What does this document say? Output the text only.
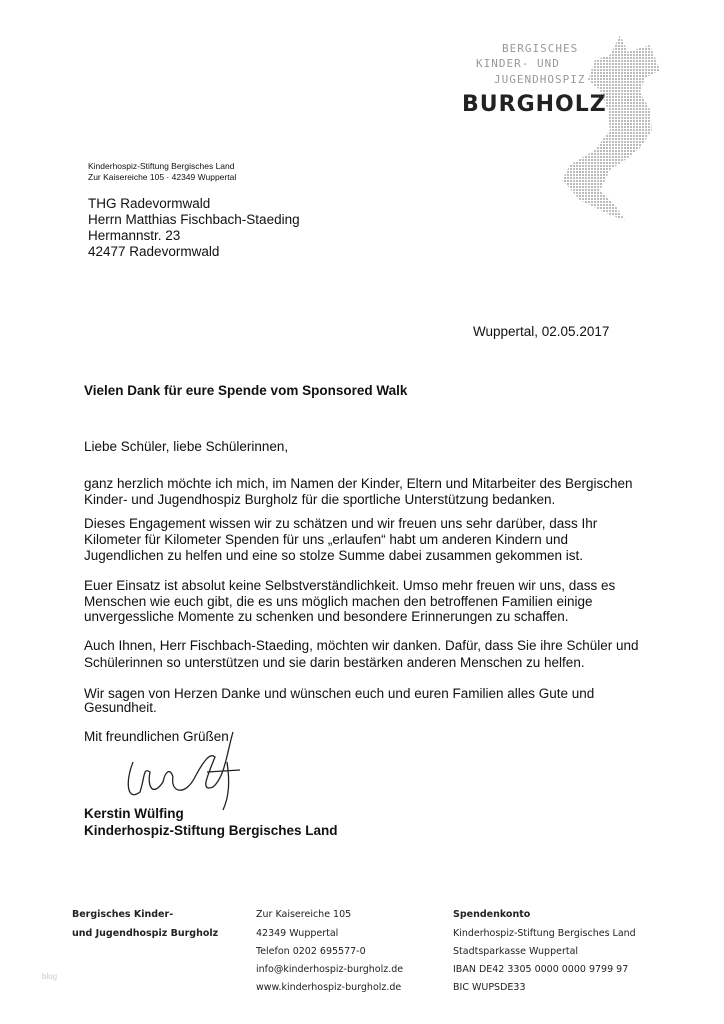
BERGISCHES
KINDER- UND
JUGENDHOSPIZ
BURGHOLZ
Kinderhospiz-Stiftung Bergisches Land
Zur Kaisereiche 105 · 42349 Wuppertal
THG Radevormwald
Herrn Matthias Fischbach-Staeding
Hermannstr. 23
42477 Radevormwald
Wuppertal, 02.05.2017
Vielen Dank für eure Spende vom Sponsored Walk
Liebe Schüler, liebe Schülerinnen,
ganz herzlich möchte ich mich, im Namen der Kinder, Eltern und Mitarbeiter des Bergischen
Kinder- und Jugendhospiz Burgholz für die sportliche Unterstützung bedanken.
Dieses Engagement wissen wir zu schätzen und wir freuen uns sehr darüber, dass Ihr
Kilometer für Kilometer Spenden für uns „erlaufen“ habt um anderen Kindern und
Jugendlichen zu helfen und eine so stolze Summe dabei zusammen gekommen ist.
Euer Einsatz ist absolut keine Selbstverständlichkeit. Umso mehr freuen wir uns, dass es
Menschen wie euch gibt, die es uns möglich machen den betroffenen Familien einige
unvergessliche Momente zu schenken und besondere Erinnerungen zu schaffen.
Auch Ihnen, Herr Fischbach-Staeding, möchten wir danken. Dafür, dass Sie ihre Schüler und
Schülerinnen so unterstützen und sie darin bestärken anderen Menschen zu helfen.
Wir sagen von Herzen Danke und wünschen euch und euren Familien alles Gute und
Gesundheit.
Mit freundlichen Grüßen
Kerstin Wülfing
Kinderhospiz-Stiftung Bergisches Land
Bergisches Kinder-
und Jugendhospiz Burgholz
Zur Kaisereiche 105
42349 Wuppertal
Telefon 0202 695577-0
info@kinderhospiz-burgholz.de
www.kinderhospiz-burgholz.de
Spendenkonto
Kinderhospiz-Stiftung Bergisches Land
Stadtsparkasse Wuppertal
IBAN DE42 3305 0000 0000 9799 97
BIC WUPSDE33
blog
